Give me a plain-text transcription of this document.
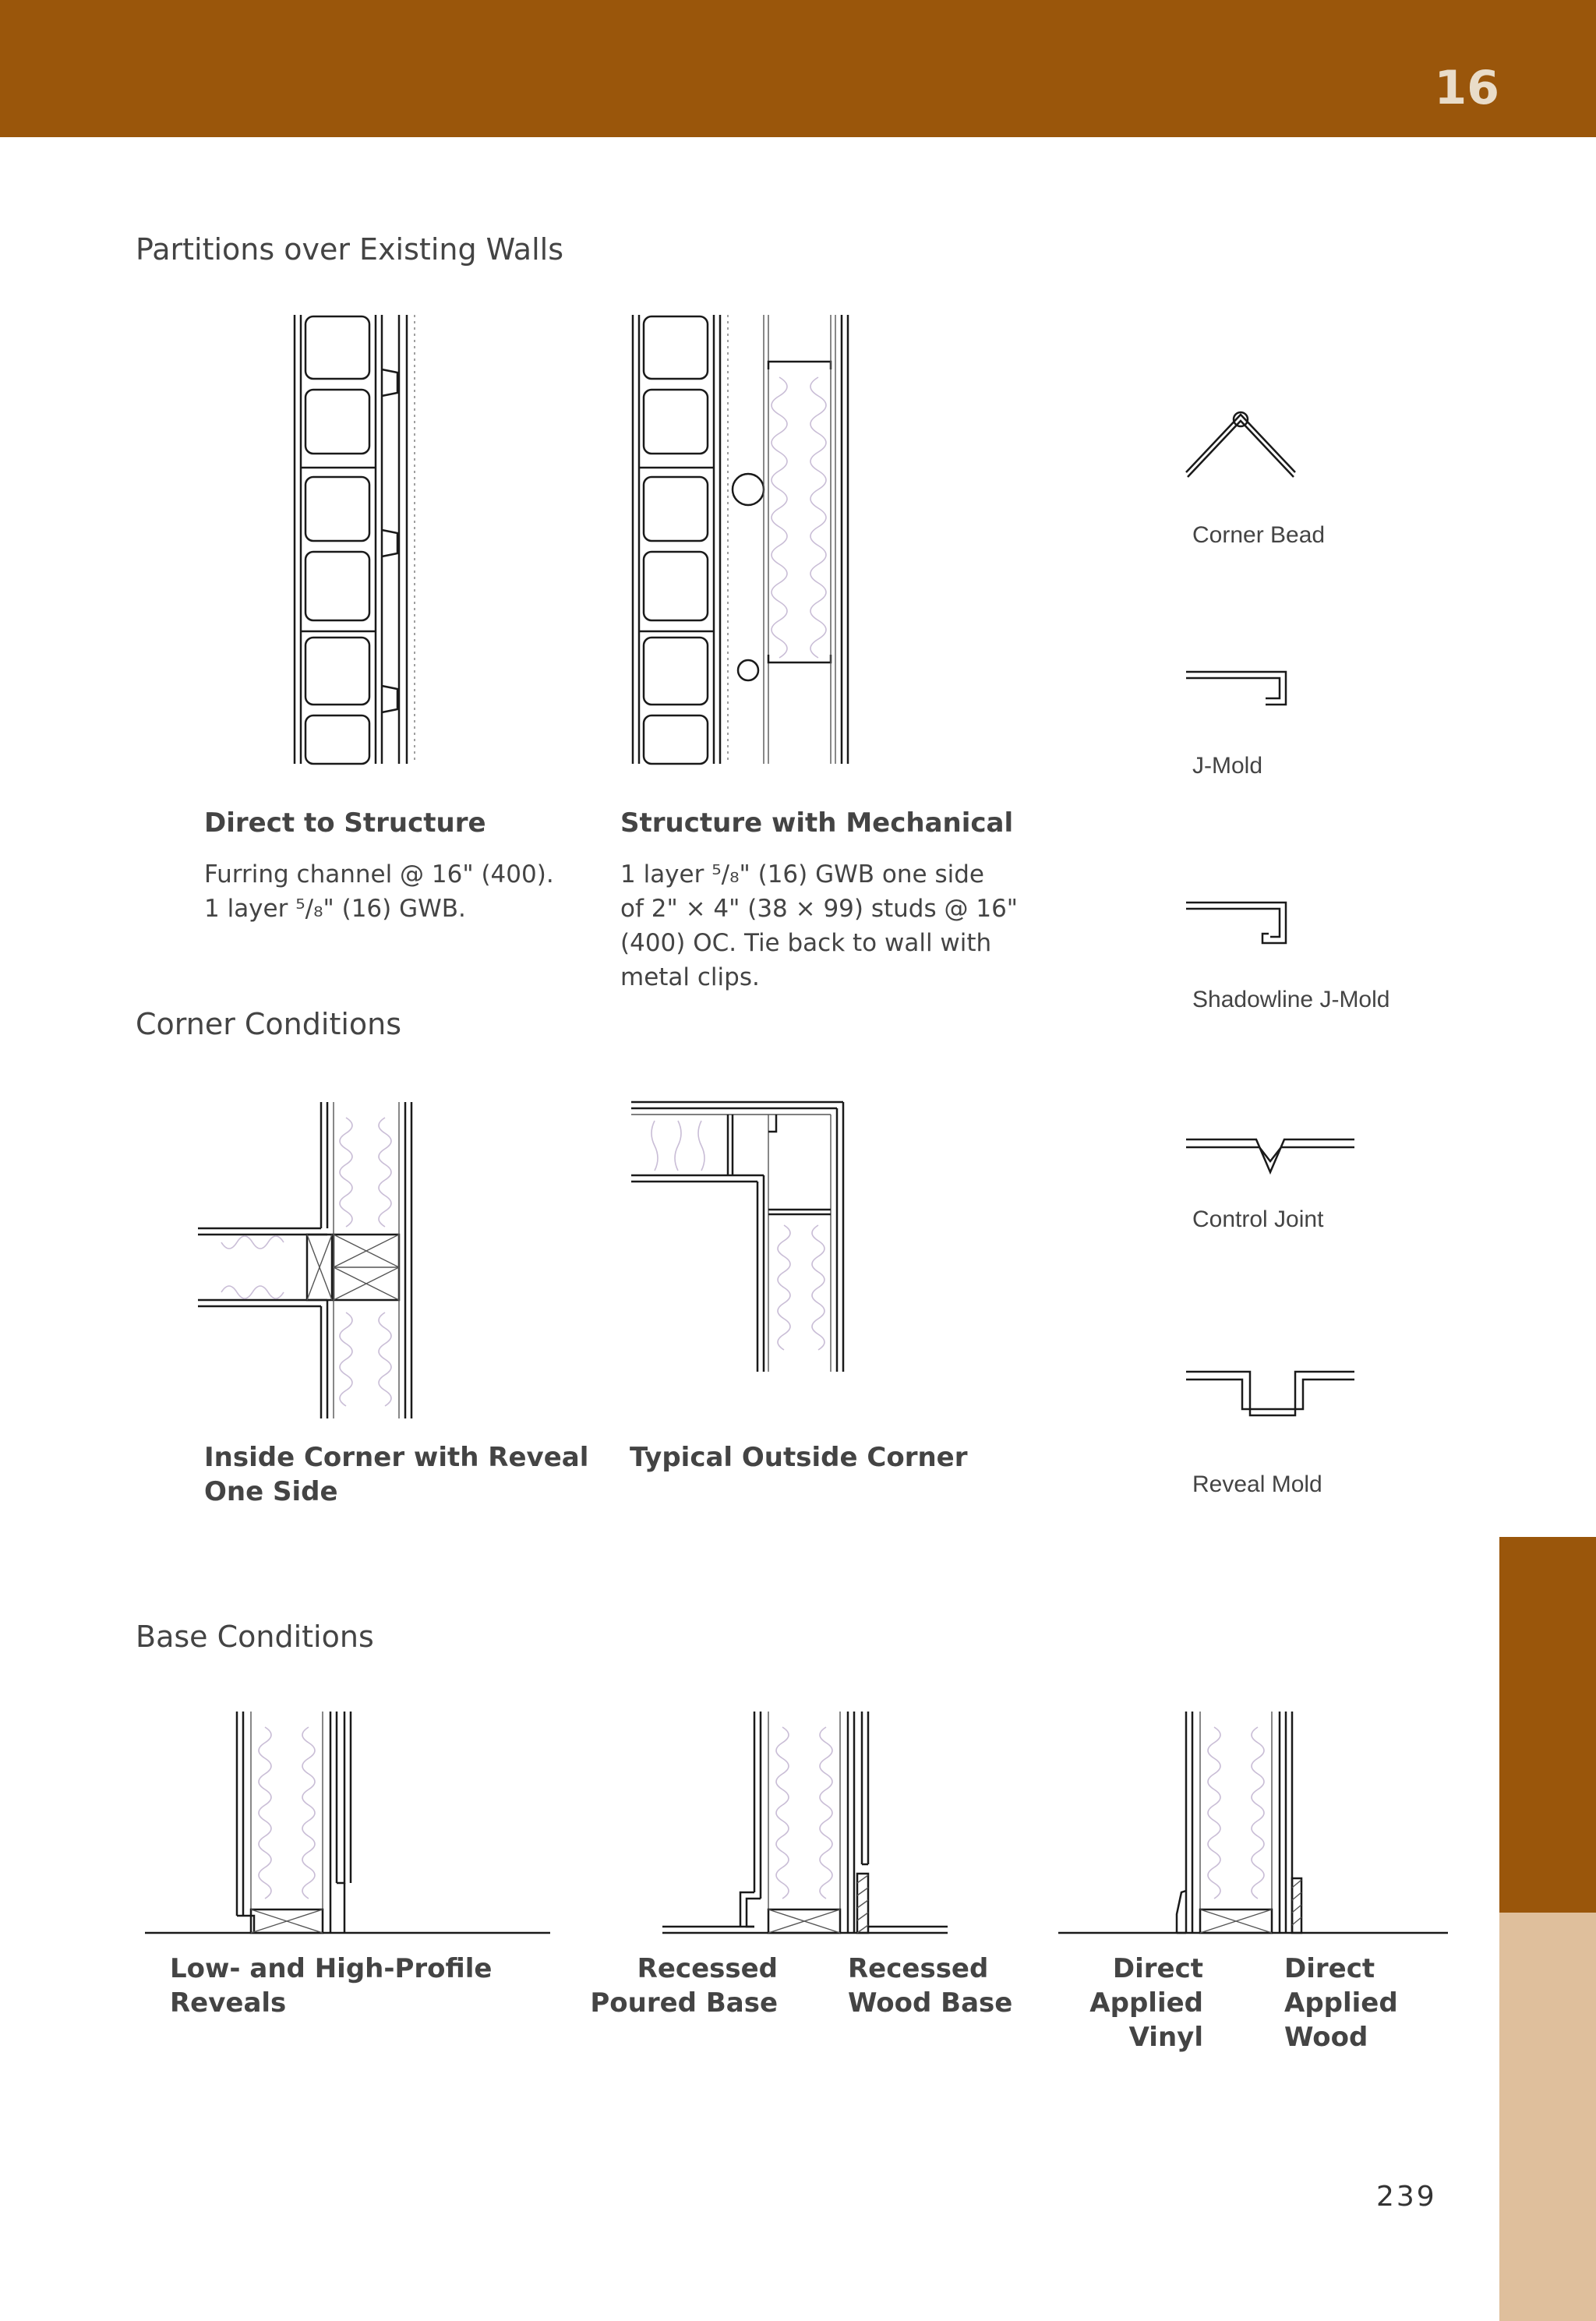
16
Partitions over Existing Walls
Corner Conditions
Base Conditions
Direct to Structure
Furring channel @ 16" (400).
1 layer ⁵/₈" (16) GWB.
Structure with Mechanical
1 layer ⁵/₈" (16) GWB one side
of 2" × 4" (38 × 99) studs @ 16"
(400) OC. Tie back to wall with
metal clips.
Inside Corner with Reveal
One Side
Typical Outside Corner
Corner Bead
J-Mold
Shadowline J-Mold
Control Joint
Reveal Mold
Low- and High-Profile
Reveals
Recessed
Poured Base
Recessed
Wood Base
Direct
Applied
Vinyl
Direct
Applied
Wood
239
